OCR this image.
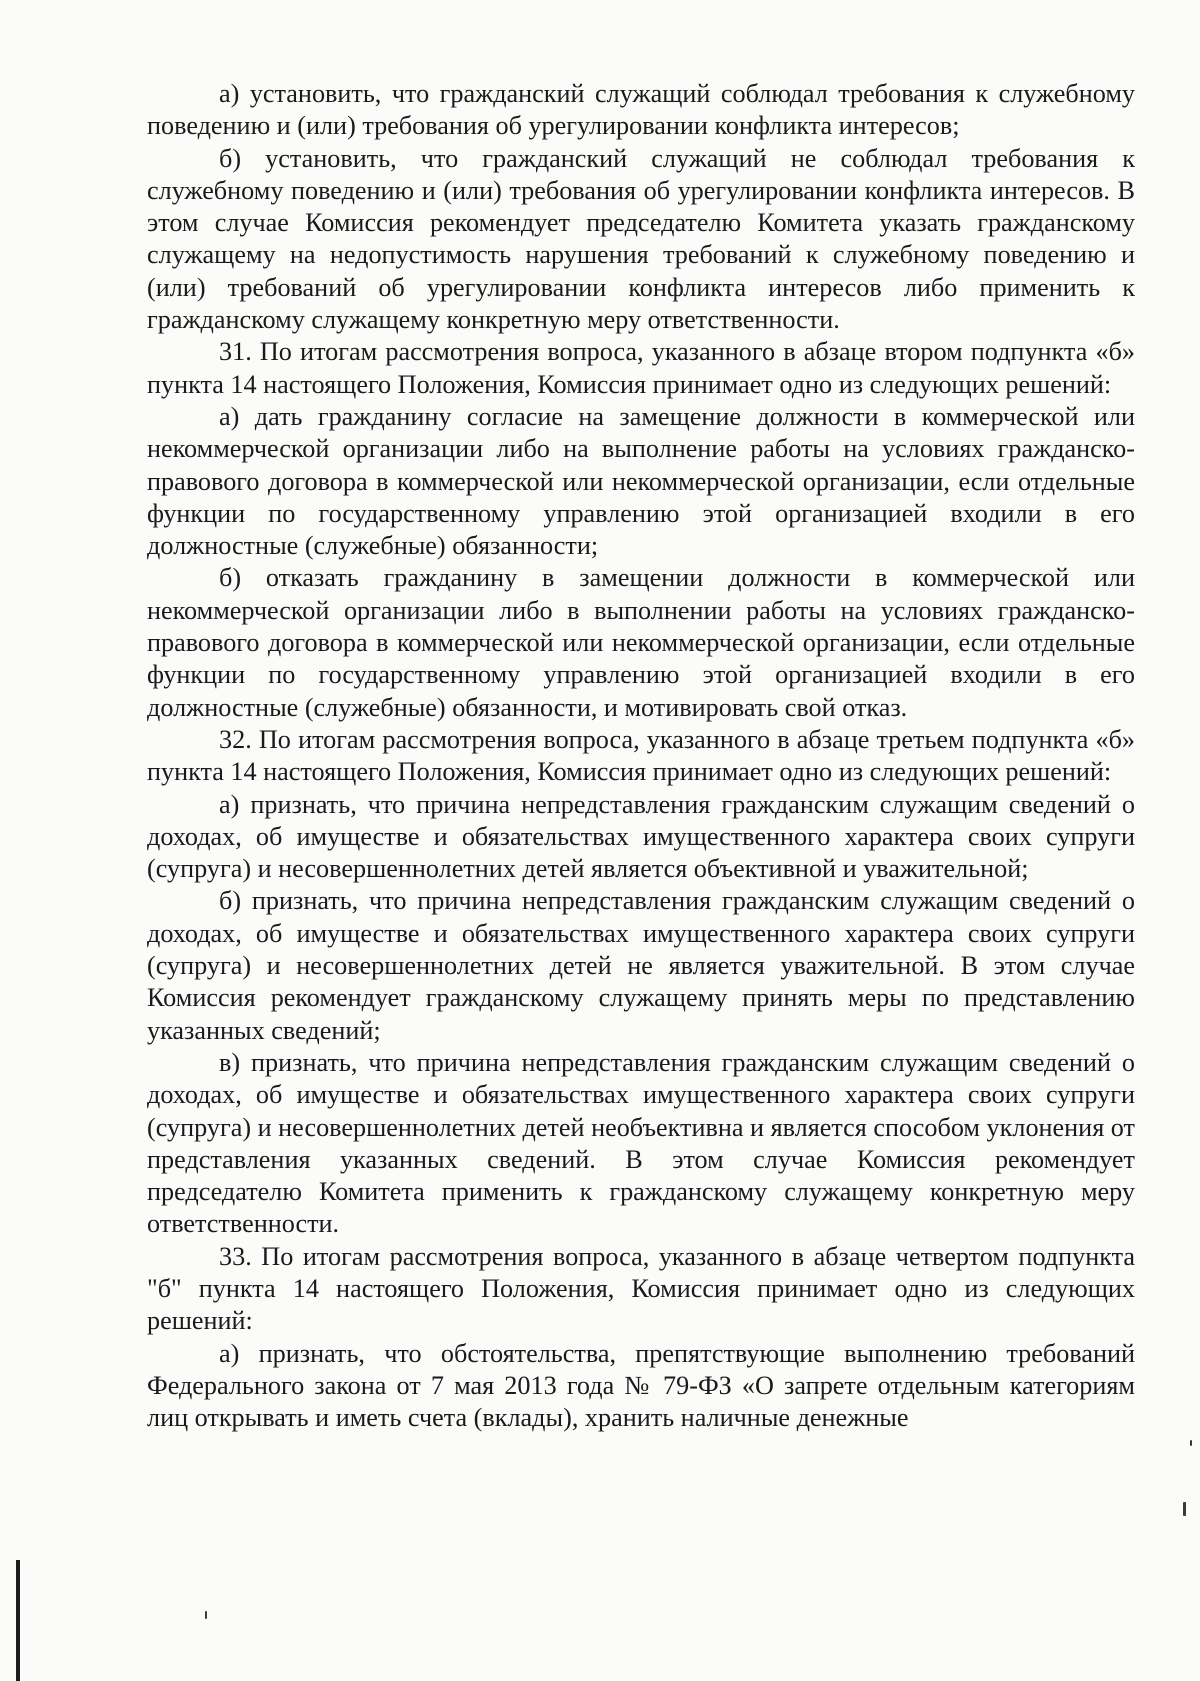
а) установить, что гражданский служащий соблюдал требования к служебному поведению и (или) требования об урегулировании конфликта интересов;

б) установить, что гражданский служащий не соблюдал требования к служебному поведению и (или) требования об урегулировании конфликта интересов. В этом случае Комиссия рекомендует председателю Комитета указать гражданскому служащему на недопустимость нарушения требований к служебному поведению и (или) требований об урегулировании конфликта интересов либо применить к гражданскому служащему конкретную меру ответственности.

31. По итогам рассмотрения вопроса, указанного в абзаце втором подпункта «б» пункта 14 настоящего Положения, Комиссия принимает одно из следующих решений:

а) дать гражданину согласие на замещение должности в коммерческой или некоммерческой организации либо на выполнение работы на условиях гражданско-правового договора в коммерческой или некоммерческой организации, если отдельные функции по государственному управлению этой организацией входили в его должностные (служебные) обязанности;

б) отказать гражданину в замещении должности в коммерческой или некоммерческой организации либо в выполнении работы на условиях гражданско-правового договора в коммерческой или некоммерческой организации, если отдельные функции по государственному управлению этой организацией входили в его должностные (служебные) обязанности, и мотивировать свой отказ.

32. По итогам рассмотрения вопроса, указанного в абзаце третьем подпункта «б» пункта 14 настоящего Положения, Комиссия принимает одно из следующих решений:

а) признать, что причина непредставления гражданским служащим сведений о доходах, об имуществе и обязательствах имущественного характера своих супруги (супруга) и несовершеннолетних детей является объективной и уважительной;

б) признать, что причина непредставления гражданским служащим сведений о доходах, об имуществе и обязательствах имущественного характера своих супруги (супруга) и несовершеннолетних детей не является уважительной. В этом случае Комиссия рекомендует гражданскому служащему принять меры по представлению указанных сведений;

в) признать, что причина непредставления гражданским служащим сведений о доходах, об имуществе и обязательствах имущественного характера своих супруги (супруга) и несовершеннолетних детей необъективна и является способом уклонения от представления указанных сведений. В этом случае Комиссия рекомендует председателю Комитета применить к гражданскому служащему конкретную меру ответственности.

33. По итогам рассмотрения вопроса, указанного в абзаце четвертом подпункта "б" пункта 14 настоящего Положения, Комиссия принимает одно из следующих решений:

а) признать, что обстоятельства, препятствующие выполнению требований Федерального закона от 7 мая 2013 года № 79-ФЗ «О запрете отдельным категориям лиц открывать и иметь счета (вклады), хранить наличные денежные
